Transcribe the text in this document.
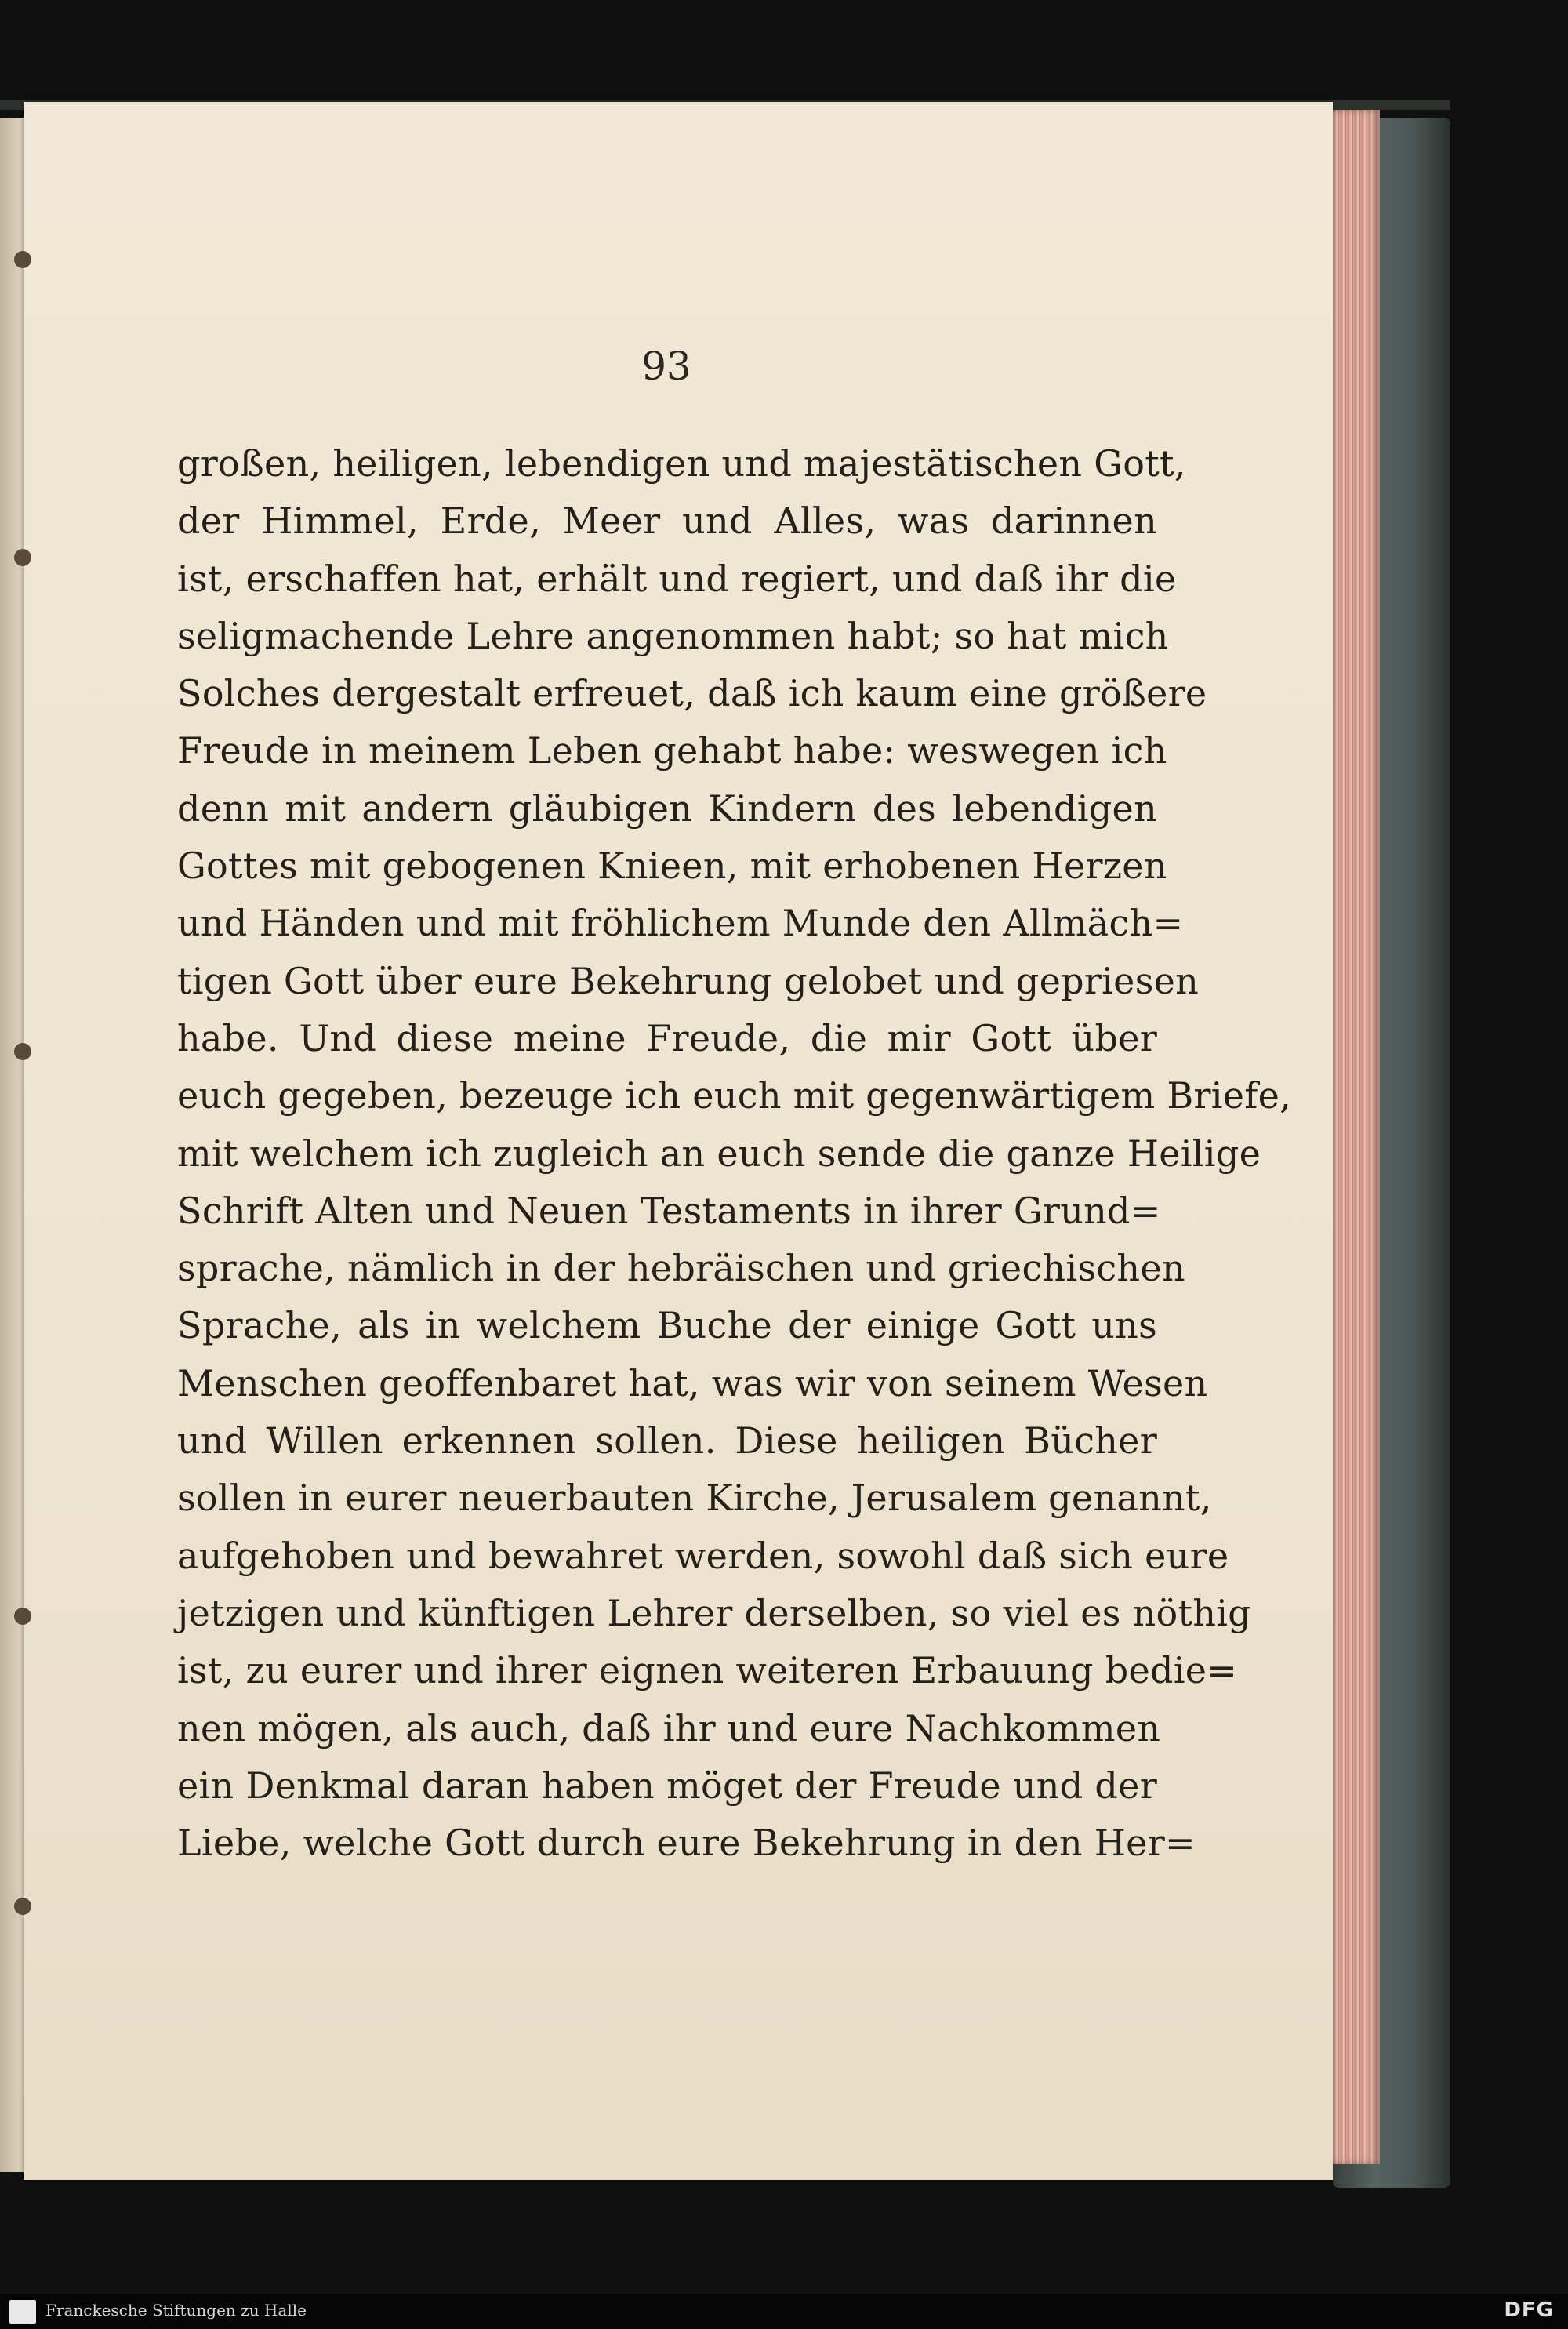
93
großen, heiligen, lebendigen und majestätischen Gott,
der Himmel, Erde, Meer und Alles, was darinnen
ist, erschaffen hat, erhält und regiert, und daß ihr die
seligmachende Lehre angenommen habt; so hat mich
Solches dergestalt erfreuet, daß ich kaum eine größere
Freude in meinem Leben gehabt habe: weswegen ich
denn mit andern gläubigen Kindern des lebendigen
Gottes mit gebogenen Knieen, mit erhobenen Herzen
und Händen und mit fröhlichem Munde den Allmäch=
tigen Gott über eure Bekehrung gelobet und gepriesen
habe. Und diese meine Freude, die mir Gott über
euch gegeben, bezeuge ich euch mit gegenwärtigem Briefe,
mit welchem ich zugleich an euch sende die ganze Heilige
Schrift Alten und Neuen Testaments in ihrer Grund=
sprache, nämlich in der hebräischen und griechischen
Sprache, als in welchem Buche der einige Gott uns
Menschen geoffenbaret hat, was wir von seinem Wesen
und Willen erkennen sollen. Diese heiligen Bücher
sollen in eurer neuerbauten Kirche, Jerusalem genannt,
aufgehoben und bewahret werden, sowohl daß sich eure
jetzigen und künftigen Lehrer derselben, so viel es nöthig
ist, zu eurer und ihrer eignen weiteren Erbauung bedie=
nen mögen, als auch, daß ihr und eure Nachkommen
ein Denkmal daran haben möget der Freude und der
Liebe, welche Gott durch eure Bekehrung in den Her=
Franckesche Stiftungen zu Halle	DFG
